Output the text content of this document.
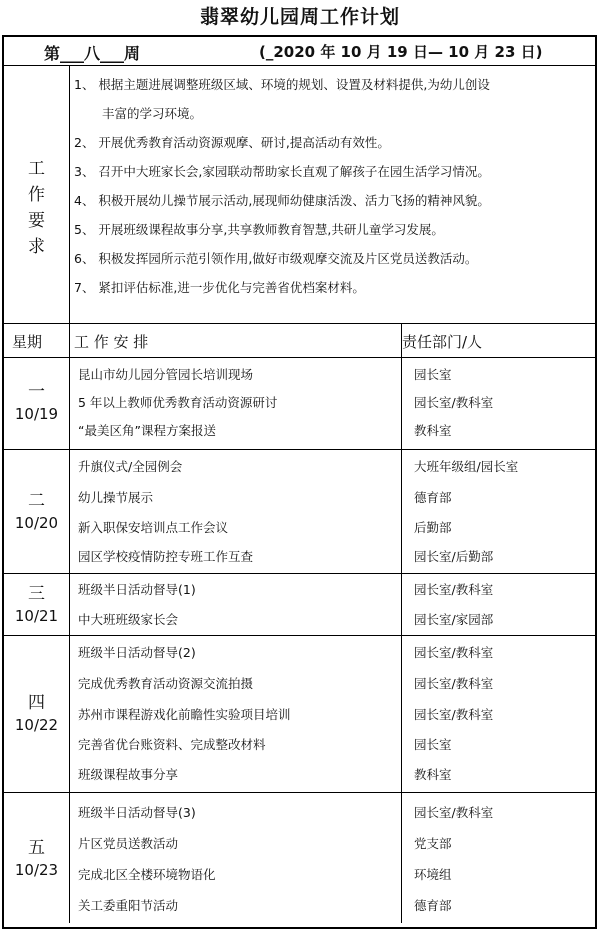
翡翠幼儿园周工作计划
第___八___周	(_2020 年 10 月 19 日— 10 月 23 日)
工
作
要
求
1、 根据主题进展调整班级区域、环境的规划、设置及材料提供,为幼儿创设
丰富的学习环境。
2、 开展优秀教育活动资源观摩、研讨,提高活动有效性。
3、 召开中大班家长会,家园联动帮助家长直观了解孩子在园生活学习情况。
4、 积极开展幼儿操节展示活动,展现师幼健康活泼、活力飞扬的精神风貌。
5、 开展班级课程故事分享,共享教师教育智慧,共研儿童学习发展。
6、 积极发挥园所示范引领作用,做好市级观摩交流及片区党员送教活动。
7、 紧扣评估标准,进一步优化与完善省优档案材料。
星期 工 作 安 排	责任部门/人
一
10/19
昆山市幼儿园分管园长培训现场	园长室
5 年以上教师优秀教育活动资源研讨	园长室/教科室
“最美区角”课程方案报送	教科室
二
10/20
升旗仪式/全园例会	大班年级组/园长室
幼儿操节展示	德育部
新入职保安培训点工作会议	后勤部
园区学校疫情防控专班工作互查	园长室/后勤部
三
10/21
班级半日活动督导(1)	园长室/教科室
中大班班级家长会	园长室/家园部
四
10/22
班级半日活动督导(2)	园长室/教科室
完成优秀教育活动资源交流拍摄	园长室/教科室
苏州市课程游戏化前瞻性实验项目培训	园长室/教科室
完善省优台账资料、完成整改材料	园长室
班级课程故事分享	教科室
五
10/23
班级半日活动督导(3)	园长室/教科室
片区党员送教活动	党支部
完成北区全楼环境物语化	环境组
关工委重阳节活动	德育部
